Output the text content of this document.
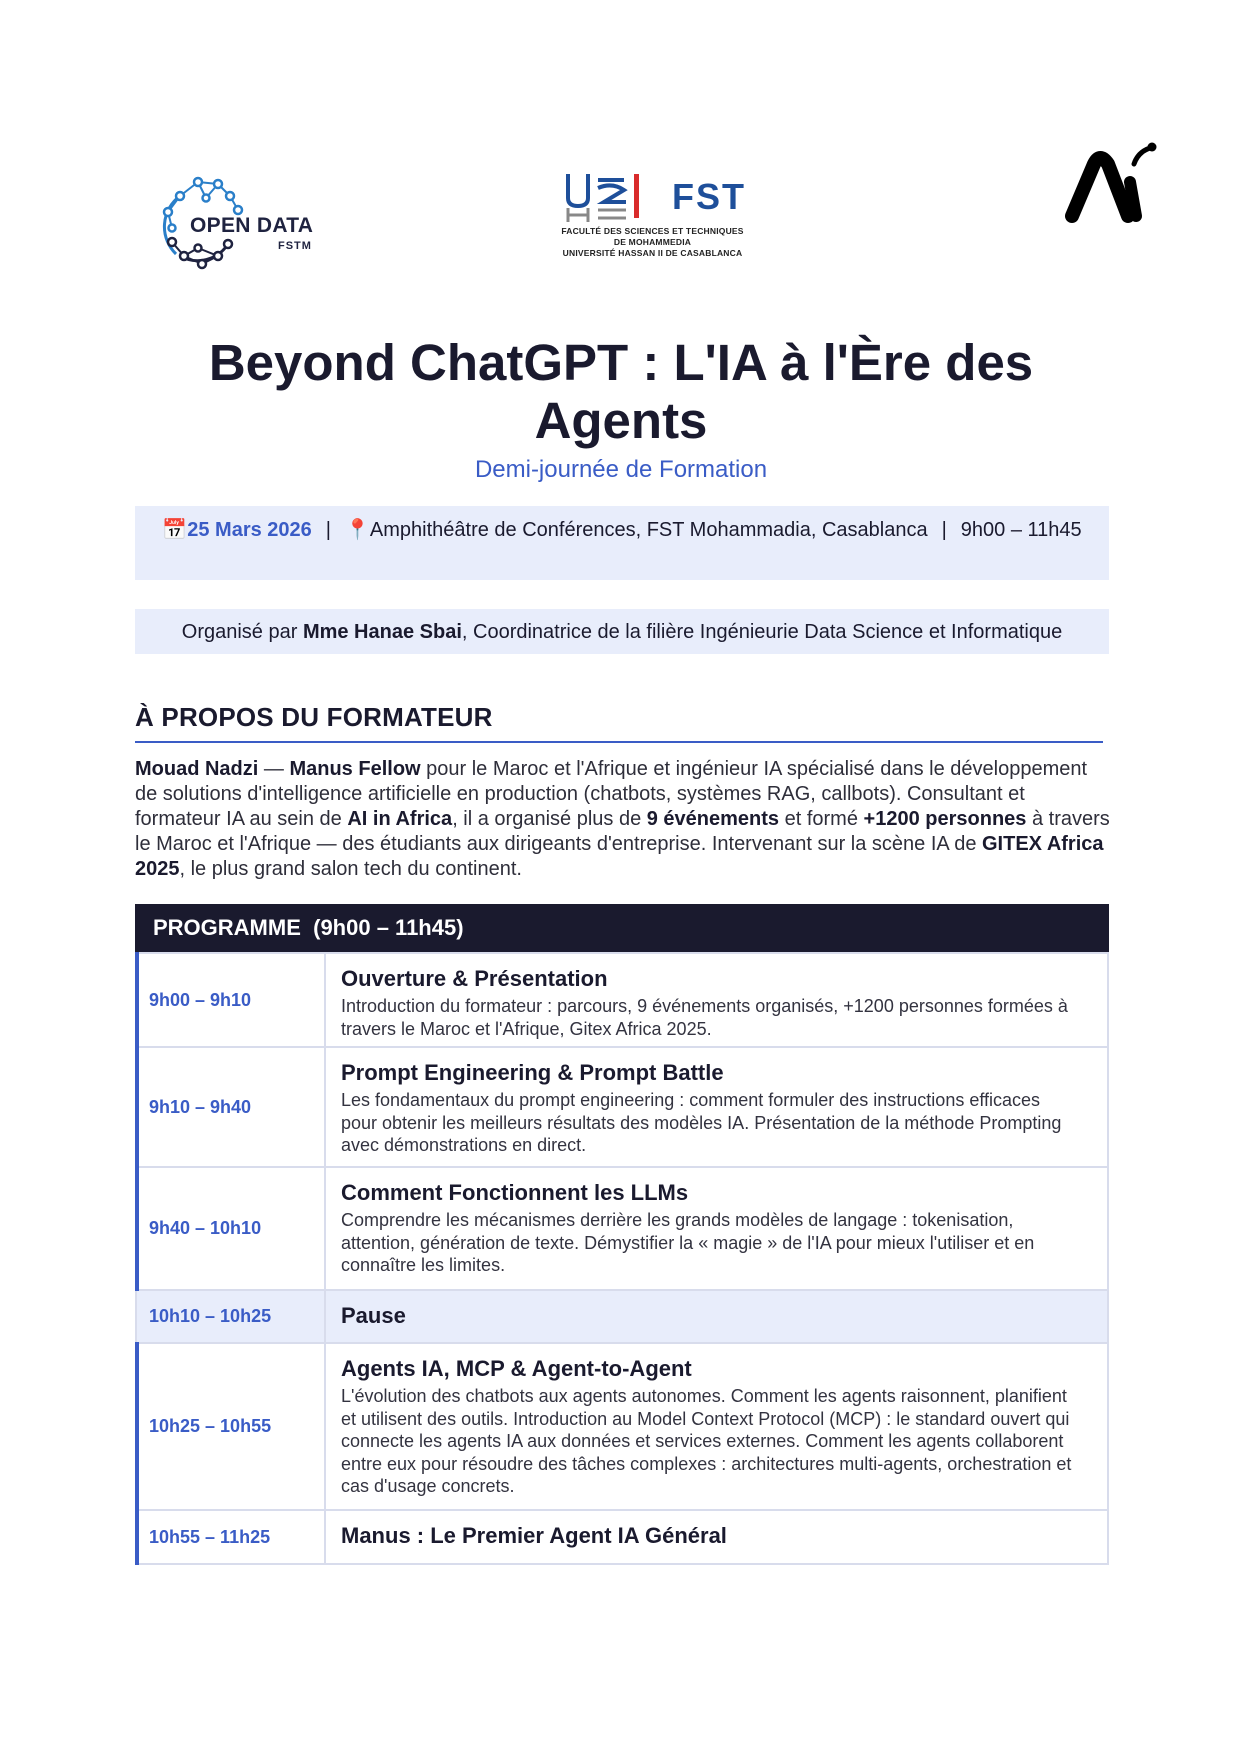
OPEN DATA
FSTM
FST
FACULTÉ DES SCIENCES ET TECHNIQUES
DE MOHAMMEDIA
UNIVERSITÉ HASSAN II DE CASABLANCA
Beyond ChatGPT : L'IA à l'Ère des Agents
Demi-journée de Formation
📅25 Mars 2026 | 📍Amphithéâtre de Conférences, FST Mohammadia, Casablanca | 9h00 – 11h45
Organisé par Mme Hanae Sbai, Coordinatrice de la filière Ingénieurie Data Science et Informatique
À PROPOS DU FORMATEUR

Mouad Nadzi — Manus Fellow pour le Maroc et l'Afrique et ingénieur IA spécialisé dans le développement de solutions d'intelligence artificielle en production (chatbots, systèmes RAG, callbots). Consultant et formateur IA au sein de AI in Africa, il a organisé plus de 9 événements et formé +1200 personnes à travers le Maroc et l'Afrique — des étudiants aux dirigeants d'entreprise. Intervenant sur la scène IA de GITEX Africa 2025, le plus grand salon tech du continent.

PROGRAMME  (9h00 – 11h45)
9h00 – 9h10
Ouverture & Présentation
Introduction du formateur : parcours, 9 événements organisés, +1200 personnes formées à travers le Maroc et l'Afrique, Gitex Africa 2025.
9h10 – 9h40
Prompt Engineering & Prompt Battle
Les fondamentaux du prompt engineering : comment formuler des instructions efficaces pour obtenir les meilleurs résultats des modèles IA. Présentation de la méthode Prompting avec démonstrations en direct.
9h40 – 10h10
Comment Fonctionnent les LLMs
Comprendre les mécanismes derrière les grands modèles de langage : tokenisation, attention, génération de texte. Démystifier la « magie » de l'IA pour mieux l'utiliser et en connaître les limites.
10h10 – 10h25	Pause
10h25 – 10h55
Agents IA, MCP & Agent-to-Agent
L'évolution des chatbots aux agents autonomes. Comment les agents raisonnent, planifient et utilisent des outils. Introduction au Model Context Protocol (MCP) : le standard ouvert qui connecte les agents IA aux données et services externes. Comment les agents collaborent entre eux pour résoudre des tâches complexes : architectures multi-agents, orchestration et cas d'usage concrets.
10h55 – 11h25	Manus : Le Premier Agent IA Général
